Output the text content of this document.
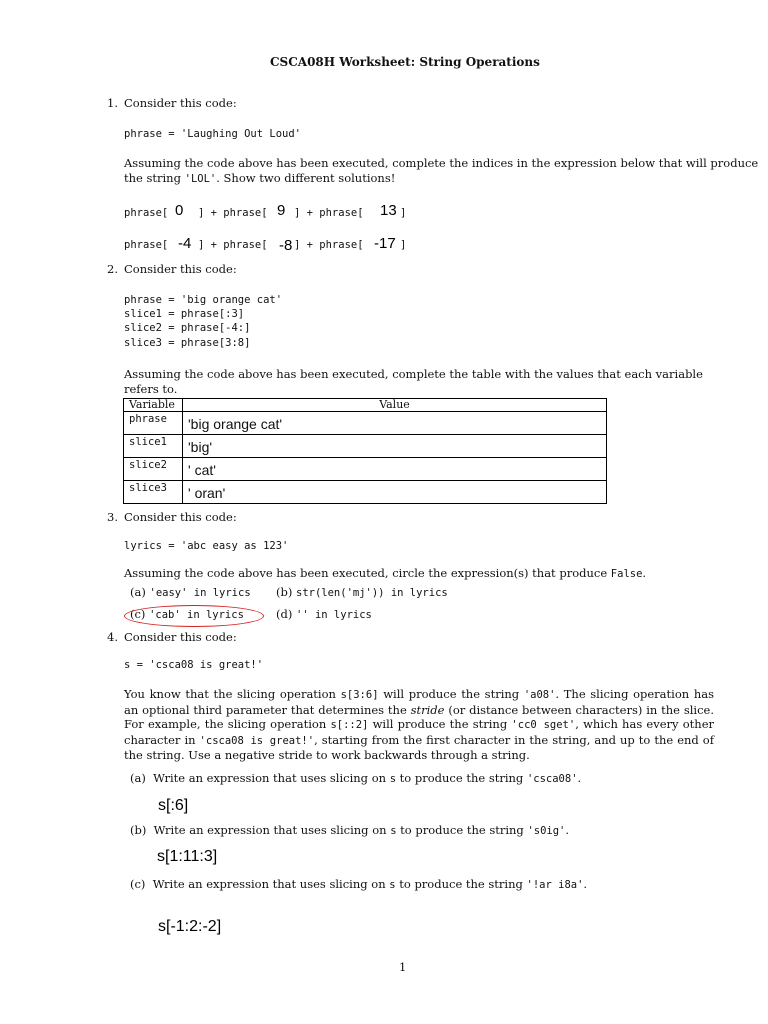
CSCA08H Worksheet: String Operations
1. Consider this code:
phrase = 'Laughing Out Loud'
Assuming the code above has been executed, complete the indices in the expression below that will produce
the string 'LOL'. Show two different solutions!
phrase[ 0 ] + phrase[ 9 ] + phrase[ 13 ]
phrase[ -4 ] + phrase[ -8 ] + phrase[ -17 ]
2. Consider this code:
phrase = 'big orange cat'
slice1 = phrase[:3]
slice2 = phrase[-4:]
slice3 = phrase[3:8]
Assuming the code above has been executed, complete the table with the values that each variable refers to.
Variable	Value
phrase	'big orange cat'
slice1	'big'
slice2	' cat'
slice3	' oran'
3. Consider this code:
lyrics = 'abc easy as 123'
Assuming the code above has been executed, circle the expression(s) that produce False.
(a) 'easy' in lyrics (b) str(len('mj')) in lyrics
(c) 'cab' in lyrics	(d) '' in lyrics
4. Consider this code:
s = 'csca08 is great!'
You know that the slicing operation s[3:6] will produce the string 'a08'. The slicing operation has an optional third parameter that determines the stride (or distance between characters) in the slice. For example, the slicing operation s[::2] will produce the string 'cc0 sget', which has every other character in 'csca08 is great!', starting from the first character in the string, and up to the end of the string. Use a negative stride to work backwards through a string.
(a) Write an expression that uses slicing on s to produce the string 'csca08'.
s[:6]
(b) Write an expression that uses slicing on s to produce the string 's0ig'.
s[1:11:3]
(c) Write an expression that uses slicing on s to produce the string '!ar i8a'.
s[-1:2:-2]
1
